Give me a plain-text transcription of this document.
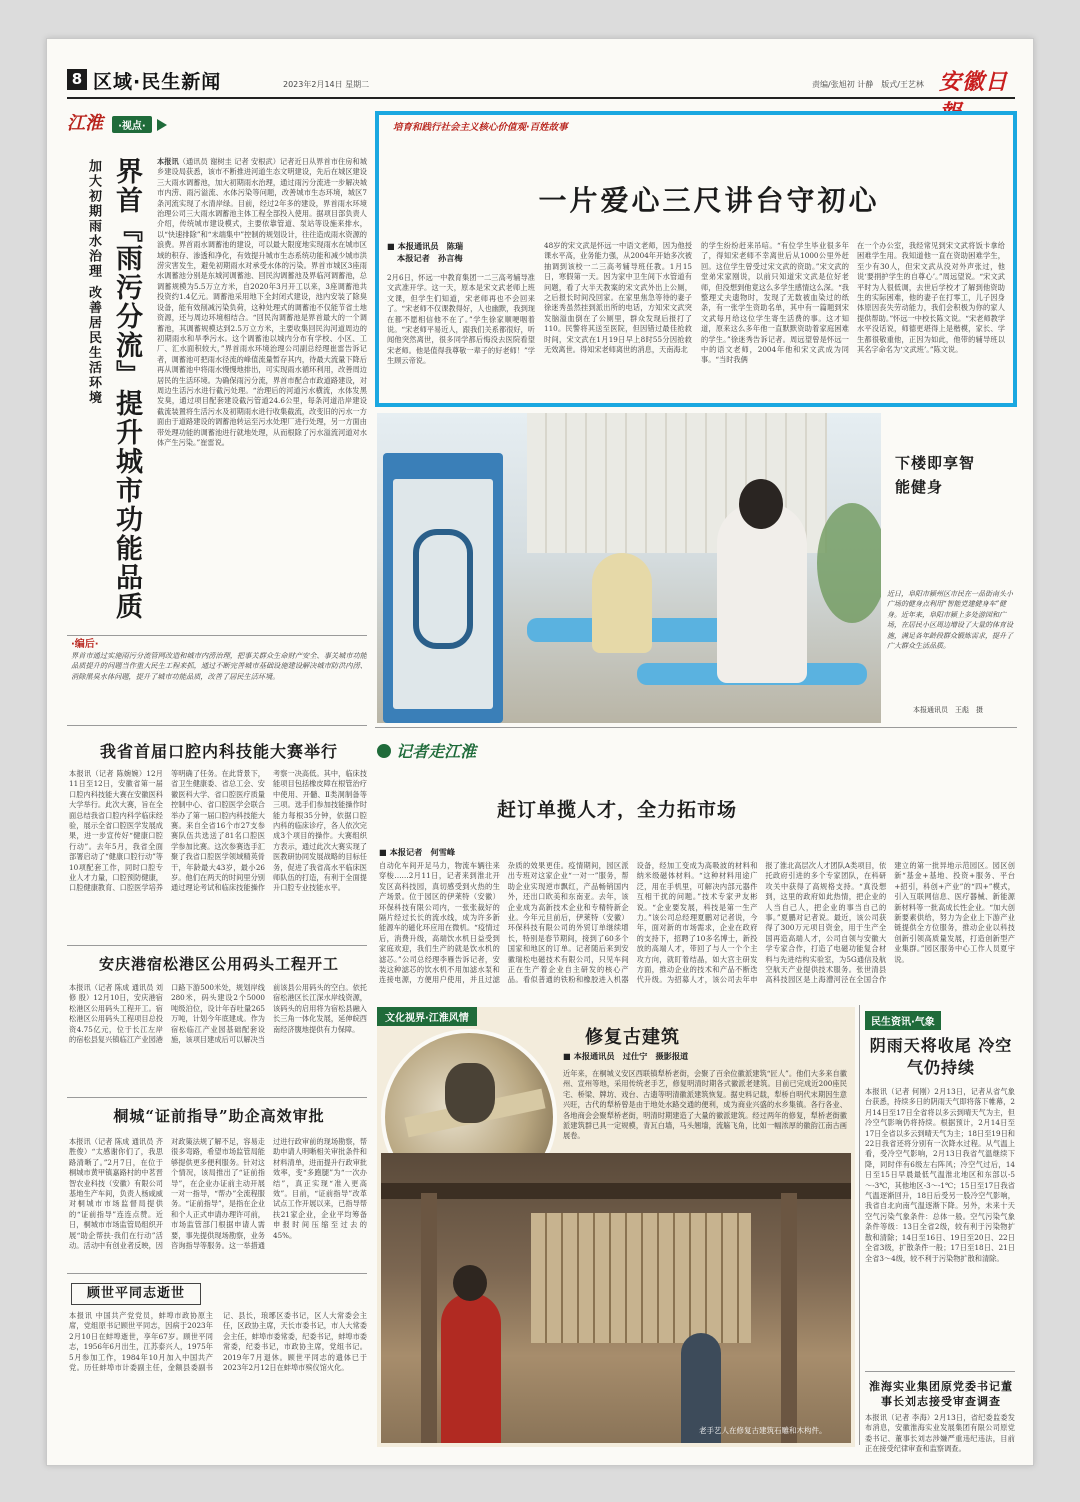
8 区域·民生新闻	2023年2月14日 星期二	责编/张旭初 计静　版式/王艺林 安徽日
江淮 ·视点·
界首『雨污分流』提升城市功能品质
加大初期雨水治理 改善居民生活环境	本报讯（通讯员 谢树圭 记者 安根武）记者近日从界首市住房和城乡建设局获悉，该市不断推进河道生态文明建设，先后在城区建设三大雨水调蓄池，加大初期雨水治理，通过雨污分流进一步解决城市内涝、雨污溢流、水体污染等问题，改善城市生态环境，城区7条河流实现了水清岸绿。目前，经过2年多的建设，界首雨水环境治理公司三大雨水调蓄池主体工程全部投入使用。据项目部负责人介绍，传统城市建设模式，主要依靠管道、泵站等设施来排水，以“快速排除”和“末端集中”控制的规划设计，往往造成雨水资源的浪费。界首雨水调蓄池的建设，可以最大限度地实现雨水在城市区域的积存、渗透和净化，有效提升城市生态系统功能和减少城市洪涝灾害发生，避免初期雨水对承受水体的污染。界首市城区3座雨水调蓄池分别是东城河调蓄池、回民沟调蓄池及界临河调蓄池，总调蓄规模为5.5万立方米，自2020年3月开工以来，3座调蓄池共投资约1.4亿元。调蓄池采用地下全封闭式建设，池内安装了除臭设备，能有效削减污染负荷，这种处理式的调蓄池不仅能节省土地资源，还与周边环境相结合。“回民沟调蓄池是界首最大的一个调蓄池，其调蓄规模达到2.5万立方米，主要收集回民沟河道周边的初期雨水和旱季污水。这个调蓄池以城内分布有学校、小区、工厂、汇水面积较大，”界首雨水环境治理公司副总经理崔雷告诉记者，调蓄池可把雨水径流的峰值流量暂存其内，待最大流量下降后再从调蓄池中将雨水慢慢地排出，可实现雨水循环利用，改善周边居民的生活环境。为确保雨污分流，界首市配合市政道路建设，对周边生活污水进行截污处理。“治理后的河道污水横流，水体发黑发臭，通过项目配套建设截污管道24.6公里，每条河道沿岸建设截流装置将生活污水及初期雨水进行收集截流，改变旧的污水一方面由于道路建设的调蓄池转运至污水处理厂进行处理，另一方面由带处理功能的调蓄池进行就地处理，从而根除了污水溢流河道对水体产生污染。”崔雷说。
·编后·
界首市通过实施雨污分流管网改造和城市内涝治理，把事关群众生命财产安全、事关城市功能品质提升的问题当作重大民生工程来抓，通过不断完善城市基础设施建设解决城市防洪内涝、消除黑臭水体问题，提升了城市功能品质，改善了居民生活环境。
培育和践行社会主义核心价值观·百姓故事
一片爱心三尺讲台守初心
■ 本报通讯员　陈瑞
本报记者　孙言梅
2月6日，怀远一中教育集团一二三高考辅导准文武准开学。这一天，原本是宋文武老师上班文课，但学生们知道，宋老师再也不会回来了。“宋老师不仅课教得好，人也幽默，我到现在都不愿相信他不在了。”学生徐家顺哽咽着说。“宋老师平易近人，跟我们关系都很好，听闻他突然离世，很多同学都后悔没去医院看望宋老师。他是值得我尊敬一辈子的好老师！”学生顾云帝说。
48岁的宋文武是怀远一中语文老师，因为他授课水平高，业务能力强，从2004年开始多次被抽调到该校一二三高考辅导班任教。1月15日，寒假第一天。因为家中卫生间下水管道有问题，看了大半天教案的宋文武外出上公厕，之后报长时间没回家。在家里焦急等待的妻子徐迷秀虽然挂到派出所的电话，方知宋文武突发脑溢血倒在了公厕里，群众发现后报打了110。民警将其送至医院，但因错过最佳抢救时间，宋文武在1月19日早上8时55分因抢救无效离世。得知宋老师离世的消息，天南海北
的学生纷纷赶来吊唁。“有位学生毕业很多年了，得知宋老师不幸离世后从1000公里外赶回。这位学生曾受过宋文武的资助。”宋文武的堂弟宋家刚说，以前只知道宋文武是位好老师，但没想到他竟这么多学生感情这么深。“我整理丈夫遗物时，发现了无数被血染过的纸条，有一张学生资助名单，其中有一篇题到宋文武每月给这位学生寄生活费的事。这才知道，原来这么多年他一直默默资助着家庭困难的学生。”徐迷秀告诉记者。周远望曾是怀远一中的语文老师，2004年他和宋文武成为同事。“当时我俩
在一个办公室，我经常见到宋文武将饭卡拿给困难学生用。我知道他一直在资助困难学生，至少有30人，但宋文武从没对外声张过，他说‘要捐护学生的自尊心’。”周远望说。“宋文武平时为人很低调，去世后学校才了解到他资助生的实际困难，他的妻子在打零工，儿子因身体原因丧失劳动能力，我们会积极为你的家人提供帮助。”怀远一中校长陈文说。“宋老师教学水平没话说，师德更堪得上是楷模，家长、学生都很敬重他，正因为如此，他带的辅导班以其名字命名为‘文武班’。”陈文说。
下楼即享智能健身
近日，阜阳市颍州区市民在一品街南头小广场的健身点利用“智能党建健身车”健身。近年来，阜阳市颍上多处游园和广场，在居民小区周边增设了大量的体育设施，满足各年龄段群众锻炼需求，提升了广大群众生活品质。
本报通讯员　王彪　摄
我省首届口腔内科技能大赛举行
本报讯（记者 陈婉婉）12月11日至12日，安徽省第一届口腔内科技能大赛在安徽医科大学举行。此次大赛，旨在全面总结我省口腔内科学临床经验，展示全省口腔医学发展成果，进一步宣传好“健康口腔行动”。去年5月，我省全面部署启动了“健康口腔行动”等10项配套工作，同时口腔专业人才力量，口腔预防健康，口腔健康教育、口腔医学培养等明确了任务。在此背景下，省卫生健康委、省总工会、安徽医科大学、省口腔医疗质量控制中心、省口腔医学会联合举办了第一届口腔内科技能大赛。来自全省16个市27支参赛队伍共选送了81名口腔医学参加比赛。这次参赛选手汇聚了我省口腔医学领域精英骨干，年龄最大43岁，最小26岁。他们在两天的时间里分别通过理论考试和临床技能操作考察一决高低。其中，临床技能项目包括橡皮障在根管治疗中使用、开髓、Ⅱ类洞制备等三项。选手们参加技能操作时能力每根35分钟，依据口腔内科的临床诊疗，各人依次完成3个项目的操作。大赛组织方表示，通过此次大赛实现了医教研协同发展战略的目标任务，促进了我省高水平临床医师队伍的打造，有利于全面提升口腔专业技能水平。
安庆港宿松港区公用码头工程开工
本报讯（记者 陈成 通讯员 刘修 殷）12月10日，安庆港宿松港区公用码头工程开工。宿松港区公用码头工程项目总投资4.75亿元，位于长江左岸的宿松县复兴镇临江产业园港口路下游500米处，规划岸线280米，码头建设2个5000吨级泊位，设计年吞吐量265万吨，计划今年底建成。作为宿松临江产业园基础配套设施，该项目建成后可以解决当前该县公用码头的空白。依托宿松港区长江深水岸线资源，该码头的启用将为宿松县融入长三角一体化发展，延伸皖西南经济腹地提供有力保障。
桐城“证前指导”助企高效审批
本报讯（记者 陈成 通讯员 齐胜俊）“太感谢你们了，我思路清晰了。”2月7日，在位于桐城市黄甲镇嘉路村的中茗晋智农业科技（安徽）有限公司基地生产车间，负责人杨咸威对桐城市市场监督局提供的“证前指导”连连点赞。近日，桐城市市场监管局组织开展“助企帮扶·我们在行动”活动。活动中有创业者反映，因对政策法规了解不足，容易走很多弯路，希望市场监管局能够提供更多便利服务。针对这个情况，该局推出了“证前指导”，在企业办证前主动开展一对一指导，“帮办”全流程服务。“证前指导”，是指在企业和个人正式申请办理许可前，市场监管部门根据申请人需要，事先提供现场勘察，业务咨询指导等服务。这一举措通过进行政审前的现场勘察，帮助申请人明晰相关审批条件和材料清单，进而提升行政审批效率，变“多跑腿”为“一次办结”，真正实现“准入更高效”。目前，“证前指导”改革试点工作开展以来，已指导帮扶21家企业，企业平均筹备申报时间压缩至过去的45%。
顾世平同志逝世
本报讯 中国共产党党员，蚌埠市政协原主席，党组原书记顾世平同志，因病于2023年2月10日在蚌埠逝世，享年67岁。顾世平同志，1956年6月出生，江苏泰兴人，1975年5月参加工作，1984年10月加入中国共产党。历任蚌埠市计委副主任，金额县委副书记、县长，琅琊区委书记，区人大常委会主任，区政协主席，天长市委书记，市人大常委会主任，蚌埠市委常委，纪委书记，蚌埠市委常委，纪委书记，市政协主席，党组书记。2019年7月退休。顾世平同志的遗体已于2023年2月12日在蚌埠市殡仪馆火化。
记者走江淮
赶订单揽人才，全力拓市场
■ 本报记者　何雪峰
自动化车间开足马力，物流车辆往来穿梭……2月11日，记者来到淮北开发区高科技园，真切感受到火热的生产场景。位于园区的伊莱特（安徽）环保科技有限公司内，一张张裁好的隔片经过长长的流水线，成为许多新能源车的磁化环应用在微机。“疫情过后，消费升级，高端饮水机日益受到家庭欢迎，我们生产的就是饮水机的滤芯。”公司总经理李雁告诉记者，安装这种滤芯的饮水机不用加滤水泵和连接电源，方便用户使用，并且过滤杂质的效果更佳。疫情期间，园区派出专班对这家企业“一对一”服务，帮助企业实现逆市飘红，产品畅销国内外，还出口欧美和东南亚。去年，该企业成为高新技术企业和专精特新企业。今年元旦前后，伊莱特（安徽）环保科技有限公司的外贸订单继续增长，特别是春节期间，接到了60多个国家和地区的订单。记者随后来到安徽瑞松电磁技术有限公司，只见车间正在生产着企业自主研发的核心产品。看似普通的铁粉和橡胶进入机器设备，经加工变成为高吸波的材料和纳米级磁体材料。“这种材料用途广泛，用在手机里，可解决内部元器件互相干扰的问题。”技术专家尹友彬说。“企业要发展，科技是第一生产力。”该公司总经理夏鹏对记者说，今年，面对新的市场需求，企业在政府的支持下，招聘了10多名博士，新投放的高端人才，带回了与人一个个主攻方向，就盯着结晶，如大宫主研发方面，推动企业的技术和产品不断迭代升级。为招募人才，该公司去年申报了淮北高层次人才团队A类项目，依托政府引进的多个专家团队，在科研攻关中获得了高规格支持。“真没想到，这里的政府如此热情，把企业的人当自己人，把企业的事当自己的事。”夏鹏对记者说。最近，该公司获得了300万元项目资金，用于生产全国再造高端人才，公司自领与安徽大学专家合作，打造了电磁功能复合材料与先进结构实验室，为5G通信及航空航天产业提供技术服务。张世清县高科技园区是上海漕河泾在全国合作建立的第一批异地示范园区。园区创新“基金+基地、投资+服务、平台+招引，科创+产业”的“四+”模式，引入互联网信息、医疗器械、新能源新材料等一批高成长性企业。“加大创新要素供给，努力为企业上下游产业链提供全方位服务，推动企业以科技创新引领高质量发展，打造创新型产业集群。”园区服务中心工作人员夏宇说。
文化视界·江淮风情
修复古建筑
■ 本报通讯员　过仕宁　摄影报道
近年来，在桐城义安区西联镇犁桥老街，会聚了百余位徽派建筑“匠人”。他们大多来自徽州、宣州等地，采用传统老手艺，修复明清时期各式徽派老建筑。目前已完成近200座民宅、桥梁、牌坊、戏台、古遗等明清徽派建筑恢复。据史料记载，犁桥自明代末期因生意兴旺，古代的犁桥曾是由于地处水路交通的便利，成为商业兴盛的水乡集镇。各行各业、各地商会会聚犁桥老街，明清时期建造了大量的徽派建筑。经过两年的修复，犁桥老街徽派建筑群已具一定规模，青瓦白墙，马头翘墙，流觞飞角，比如一幅浓厚的徽韵江南古画展卷。
老手艺人在修复古建筑石雕和木构件。
民生资讯·气象
阴雨天将收尾 冷空气仍持续
本报讯（记者 何刚）2月13日，记者从省气象台获悉，持续多日的阴雨天气即将落下帷幕，2月14日至17日全省将以多云到晴天气为主，但冷空气影响仍将持续。根据预计，2月14日至17日全省以多云到晴天气为主；18日至19日和22日我省还将分别有一次降水过程。从气温上看，受冷空气影响，2月13日我省气温继续下降，同时伴有6级左右阵风；冷空气过后，14日至15日早晨最低气温淮北地区和东部以-5～-3℃，其他地区-3～-1℃；15日至17日我省气温逐渐回升，18日后受另一股冷空气影响，我省自北向南气温逐渐下降。另外，未来十天空气污染气象条件：总体一般。空气污染气象条件等级：13日全省2级，较有利于污染物扩散和清除；14日至16日、19日至20日、22日全省3级，扩散条件一般；17日至18日、21日全省3～4级，较不利于污染物扩散和清除。
淮海实业集团原党委书记董事长刘志接受审查调查
本报讯（记者 李海）2月13日，省纪委监委发布消息，安徽淮海实业发展集团有限公司原党委书记、董事长刘志涉嫌严重违纪违法，目前正在接受纪律审查和监察调查。
